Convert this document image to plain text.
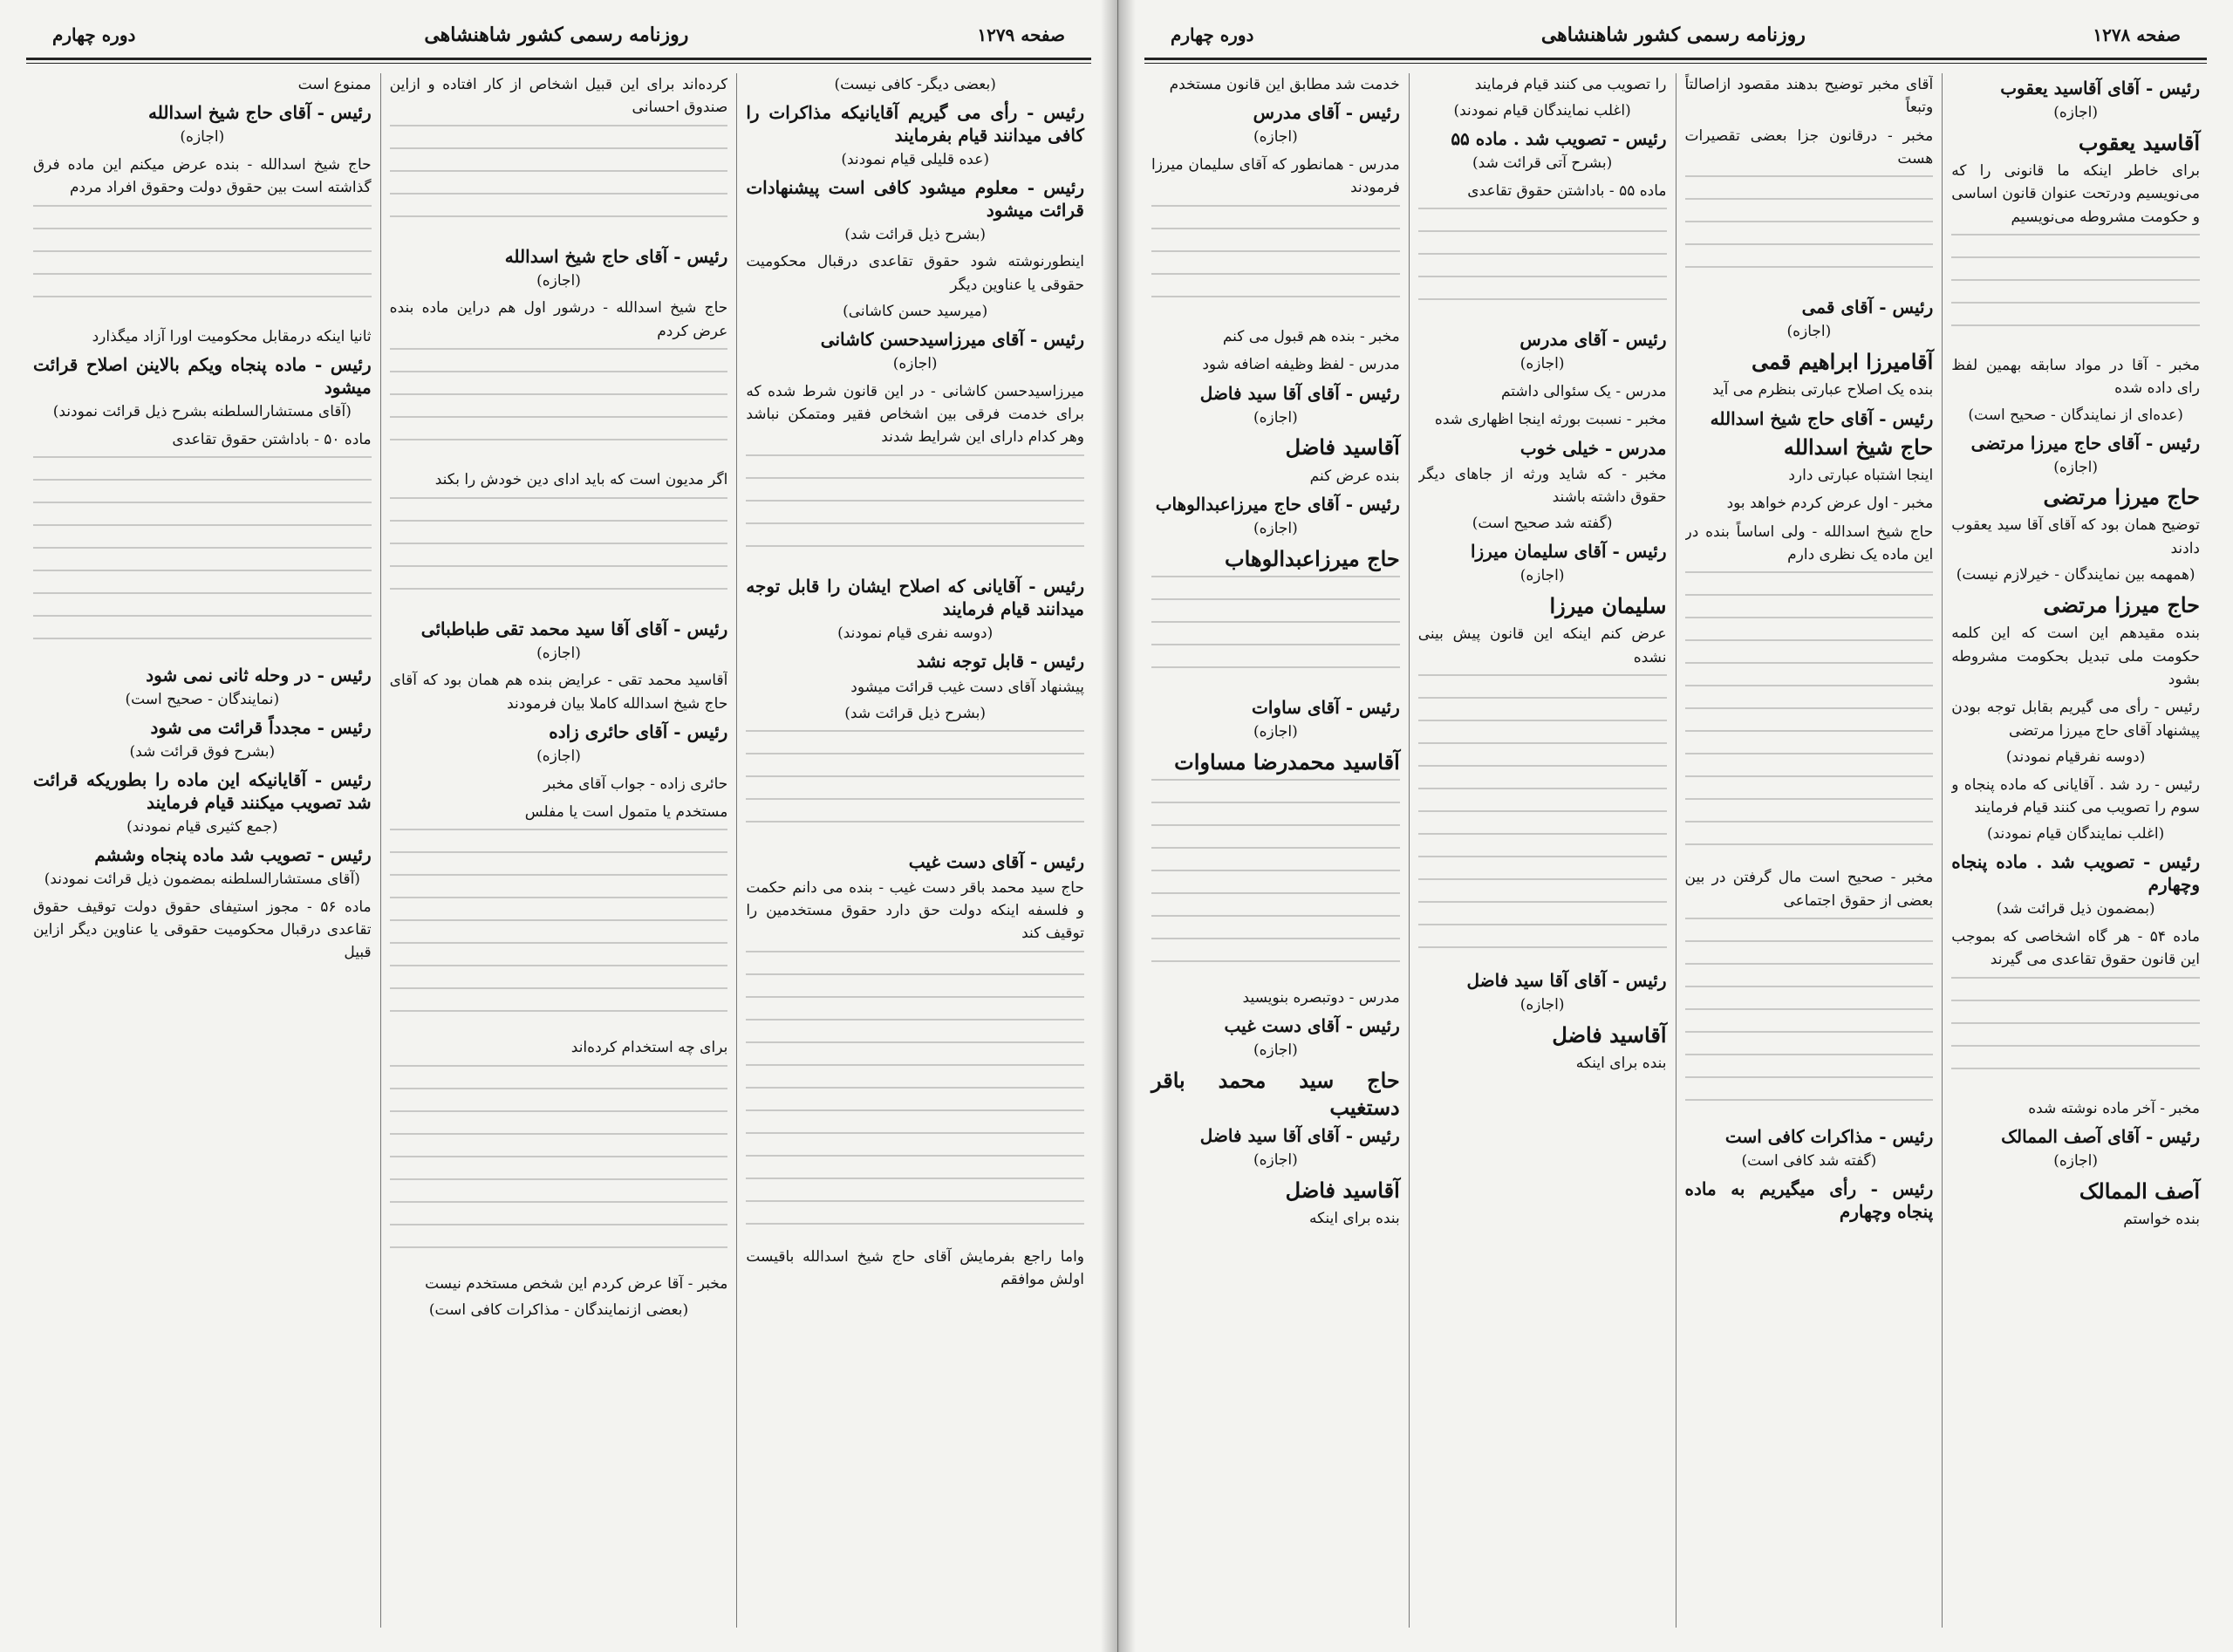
صفحه ۱۲۷۹
روزنامه رسمی کشور شاهنشاهی
دوره چهارم
(بعضی دیگر- کافی نیست)
رئیس - رأی می گیریم آقایانیکه مذاکرات را کافی میدانند قیام بفرمایند
(عده قلیلی قیام نمودند)
رئیس - معلوم میشود کافی است پیشنهادات قرائت میشود
(بشرح ذیل قرائت شد)

اینطورنوشته شود حقوق تقاعدی درقبال محکومیت حقوقی یا عناوین دیگر

(میرسید حسن کاشانی)
رئیس - آقای میرزاسیدحسن کاشانی
(اجازه)

میرزاسیدحسن کاشانی - در این قانون شرط شده که برای خدمت فرقی بین اشخاص فقیر ومتمکن نباشد وهر کدام دارای این شرایط شدند

رئیس - آقایانی که اصلاح ایشان را قابل توجه میدانند قیام فرمایند
(دوسه نفری قیام نمودند)
رئیس - قابل توجه نشد

پیشنهاد آقای دست غیب قرائت میشود

(بشرح ذیل قرائت شد)
رئیس - آقای دست غیب

حاج سید محمد باقر دست غیب - بنده می دانم حکمت و فلسفه اینکه دولت حق دارد حقوق مستخدمین را توقیف کند

واما راجع بفرمایش آقای حاج شیخ اسدالله باقیست اولش موافقم

کرده‌اند برای این قبیل اشخاص از کار افتاده و ازاین صندوق احسانی

رئیس - آقای حاج شیخ اسدالله
(اجازه)

حاج شیخ اسدالله - درشور اول هم دراین ماده بنده عرض کردم

اگر مدیون است که باید ادای دین خودش را بکند

رئیس - آقای آقا سید محمد تقی طباطبائی
(اجازه)

آقاسید محمد تقی - عرایض بنده هم همان بود که آقای حاج شیخ اسدالله کاملا بیان فرمودند

رئیس - آقای حائری زاده
(اجازه)

حائری زاده - جواب آقای مخبر

مستخدم یا متمول است یا مفلس

برای چه استخدام کرده‌اند

مخبر - آقا عرض کردم این شخص مستخدم نیست

(بعضی ازنمایندگان - مذاکرات کافی است)

ممنوع است

رئیس - آقای حاج شیخ اسدالله
(اجازه)

حاج شیخ اسدالله - بنده عرض میکنم این ماده فرق گذاشته است بین حقوق دولت وحقوق افراد مردم

ثانیا اینکه درمقابل محکومیت اورا آزاد میگذارد

رئیس - ماده پنجاه ویکم بالاینن اصلاح قرائت میشود
(آقای مستشارالسلطنه بشرح ذیل قرائت نمودند)

ماده ۵۰ - باداشتن حقوق تقاعدی

رئیس - در وحله ثانی نمی شود
(نمایندگان - صحیح است)
رئیس - مجدداً قرائت می شود
(بشرح فوق قرائت شد)
رئیس - آقایانیکه این ماده را بطوریکه قرائت شد تصویب میکنند قیام فرمایند
(جمع کثیری قیام نمودند)
رئیس - تصویب شد ماده پنجاه وششم
(آقای مستشارالسلطنه بمضمون ذیل قرائت نمودند)

ماده ۵۶ - مجوز استیفای حقوق دولت توقیف حقوق تقاعدی درقبال محکومیت حقوقی یا عناوین دیگر ازاین قبیل

صفحه ۱۲۷۸
روزنامه رسمی کشور شاهنشاهی
دوره چهارم
رئیس - آقای آقاسید یعقوب
(اجازه)
آقاسید یعقوب

برای خاطر اینکه ما قانونی را که می‌نویسیم ودرتحت عنوان قانون اساسی و حکومت مشروطه می‌نویسیم

مخبر - آقا در مواد سابقه بهمین لفظ رای داده شده

(عده‌ای از نمایندگان - صحیح است)
رئیس - آقای حاج میرزا مرتضی
(اجازه)
حاج میرزا مرتضی

توضیح همان بود که آقای آقا سید یعقوب دادند

(همهمه بین نمایندگان - خیرلازم نیست)
حاج میرزا مرتضی

بنده مقیدهم این است که این کلمه حکومت ملی تبدیل بحکومت مشروطه بشود

رئیس - رأی می گیریم بقابل توجه بودن پیشنهاد آقای حاج میرزا مرتضی

(دوسه نفرقیام نمودند)

رئیس - رد شد . آقایانی که ماده پنجاه و سوم را تصویب می کنند قیام فرمایند

(اغلب نمایندگان قیام نمودند)
رئیس - تصویب شد . ماده پنجاه وچهارم
(بمضمون ذیل قرائت شد)

ماده ۵۴ - هر گاه اشخاصی که بموجب این قانون حقوق تقاعدی می گیرند

مخبر - آخر ماده نوشته شده

رئیس - آقای آصف الممالک
(اجازه)
آصف الممالک

بنده خواستم

آقای مخبر توضیح بدهند مقصود ازاصالتاً وتبعاً

مخبر - درقانون جزا بعضی تقصیرات هست

رئیس - آقای قمی
(اجازه)
آقامیرزا ابراهیم قمی

بنده یک اصلاح عبارتی بنظرم می آید

رئیس - آقای حاج شیخ اسدالله
حاج شیخ اسدالله

اینجا اشتباه عبارتی دارد

مخبر - اول عرض کردم خواهد بود

حاج شیخ اسدالله - ولی اساساً بنده در این ماده یک نظری دارم

مخبر - صحیح است مال گرفتن در بین بعضی از حقوق اجتماعی

رئیس - مذاکرات کافی است
(گفته شد کافی است)
رئیس - رأی میگیریم به ماده پنجاه وچهارم

را تصویب می کنند قیام فرمایند

(اغلب نمایندگان قیام نمودند)
رئیس - تصویب شد . ماده ۵۵
(بشرح آتی قرائت شد)

ماده ۵۵ - باداشتن حقوق تقاعدی

رئیس - آقای مدرس
(اجازه)

مدرس - یک سئوالی داشتم

مخبر - نسبت بورثه اینجا اظهاری شده

مدرس - خیلی خوب

مخبر - که شاید ورثه از جاهای دیگر حقوق داشته باشند

(گفته شد صحیح است)
رئیس - آقای سلیمان میرزا
(اجازه)
سلیمان میرزا

عرض کنم اینکه این قانون پیش بینی نشده

رئیس - آقای آقا سید فاضل
(اجازه)
آقاسید فاضل

بنده برای اینکه

خدمت شد مطابق این قانون مستخدم

رئیس - آقای مدرس
(اجازه)

مدرس - همانطور که آقای سلیمان میرزا فرمودند

مخبر - بنده هم قبول می کنم

مدرس - لفظ وظیفه اضافه شود

رئیس - آقای آقا سید فاضل
(اجازه)
آقاسید فاضل

بنده عرض کنم

رئیس - آقای حاج میرزاعبدالوهاب
(اجازه)
حاج میرزاعبدالوهاب
رئیس - آقای ساوات
(اجازه)
آقاسید محمدرضا مساوات

مدرس - دوتبصره بنویسید

رئیس - آقای دست غیب
(اجازه)
حاج سید محمد باقر دستغیب
رئیس - آقای آقا سید فاضل
(اجازه)
آقاسید فاضل

بنده برای اینکه
